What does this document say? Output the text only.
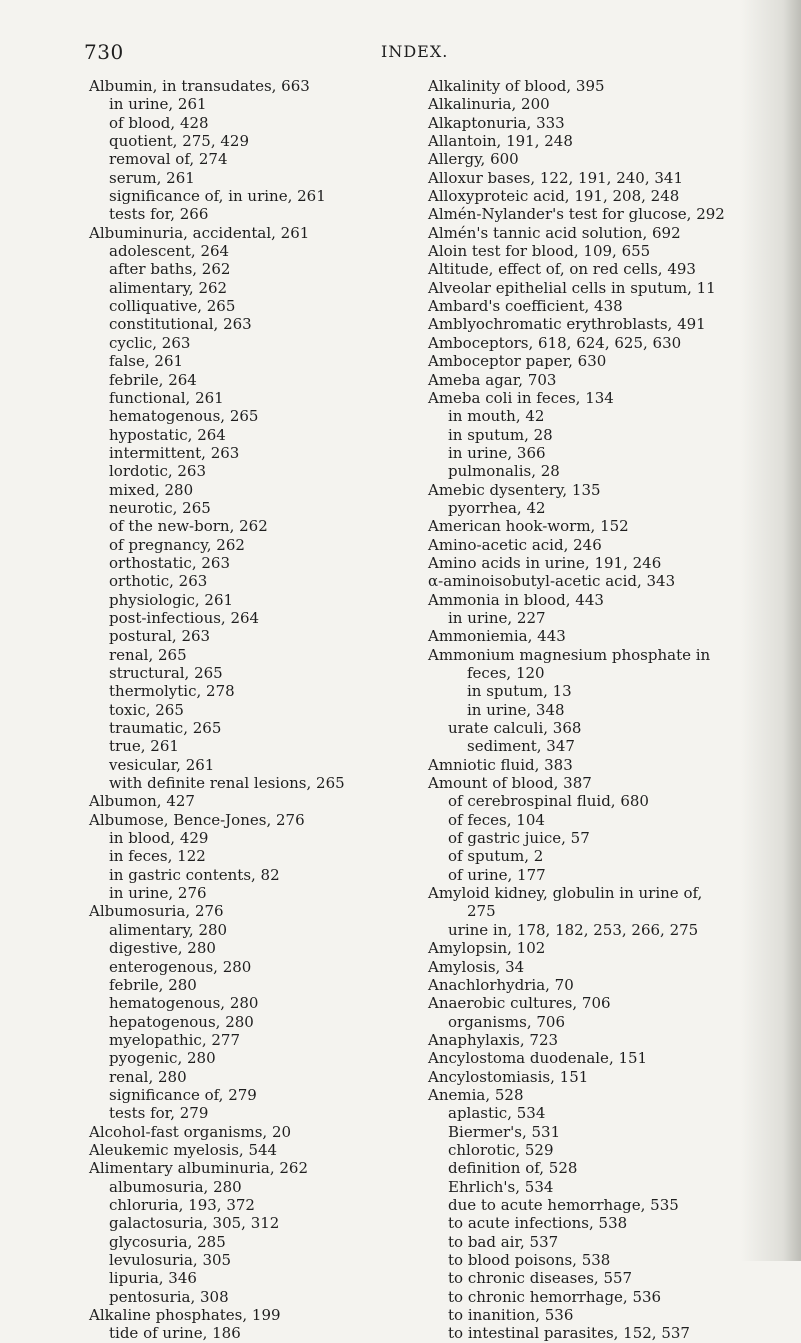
730	INDEX.
Albumin, in transudates, 663
in urine, 261
of blood, 428
quotient, 275, 429
removal of, 274
serum, 261
significance of, in urine, 261
tests for, 266
Albuminuria, accidental, 261
adolescent, 264
after baths, 262
alimentary, 262
colliquative, 265
constitutional, 263
cyclic, 263
false, 261
febrile, 264
functional, 261
hematogenous, 265
hypostatic, 264
intermittent, 263
lordotic, 263
mixed, 280
neurotic, 265
of the new-born, 262
of pregnancy, 262
orthostatic, 263
orthotic, 263
physiologic, 261
post-infectious, 264
postural, 263
renal, 265
structural, 265
thermolytic, 278
toxic, 265
traumatic, 265
true, 261
vesicular, 261
with definite renal lesions, 265
Albumon, 427
Albumose, Bence-Jones, 276
in blood, 429
in feces, 122
in gastric contents, 82
in urine, 276
Albumosuria, 276
alimentary, 280
digestive, 280
enterogenous, 280
febrile, 280
hematogenous, 280
hepatogenous, 280
myelopathic, 277
pyogenic, 280
renal, 280
significance of, 279
tests for, 279
Alcohol-fast organisms, 20
Aleukemic myelosis, 544
Alimentary albuminuria, 262
albumosuria, 280
chloruria, 193, 372
galactosuria, 305, 312
glycosuria, 285
levulosuria, 305
lipuria, 346
pentosuria, 308
Alkaline phosphates, 199
tide of urine, 186
Alkalinity of blood, 395
Alkalinuria, 200
Alkaptonuria, 333
Allantoin, 191, 248
Allergy, 600
Alloxur bases, 122, 191, 240, 341
Alloxyproteic acid, 191, 208, 248
Almén-Nylander's test for glucose, 292
Almén's tannic acid solution, 692
Aloin test for blood, 109, 655
Altitude, effect of, on red cells, 493
Alveolar epithelial cells in sputum, 11
Ambard's coefficient, 438
Amblyochromatic erythroblasts, 491
Amboceptors, 618, 624, 625, 630
Amboceptor paper, 630
Ameba agar, 703
Ameba coli in feces, 134
in mouth, 42
in sputum, 28
in urine, 366
pulmonalis, 28
Amebic dysentery, 135
pyorrhea, 42
American hook-worm, 152
Amino-acetic acid, 246
Amino acids in urine, 191, 246
α-aminoisobutyl-acetic acid, 343
Ammonia in blood, 443
in urine, 227
Ammoniemia, 443
Ammonium magnesium phosphate in
feces, 120
in sputum, 13
in urine, 348
urate calculi, 368
sediment, 347
Amniotic fluid, 383
Amount of blood, 387
of cerebrospinal fluid, 680
of feces, 104
of gastric juice, 57
of sputum, 2
of urine, 177
Amyloid kidney, globulin in urine of,
275
urine in, 178, 182, 253, 266, 275
Amylopsin, 102
Amylosis, 34
Anachlorhydria, 70
Anaerobic cultures, 706
organisms, 706
Anaphylaxis, 723
Ancylostoma duodenale, 151
Ancylostomiasis, 151
Anemia, 528
aplastic, 534
Biermer's, 531
chlorotic, 529
definition of, 528
Ehrlich's, 534
due to acute hemorrhage, 535
to acute infections, 538
to bad air, 537
to blood poisons, 538
to chronic diseases, 557
to chronic hemorrhage, 536
to inanition, 536
to intestinal parasites, 152, 537
